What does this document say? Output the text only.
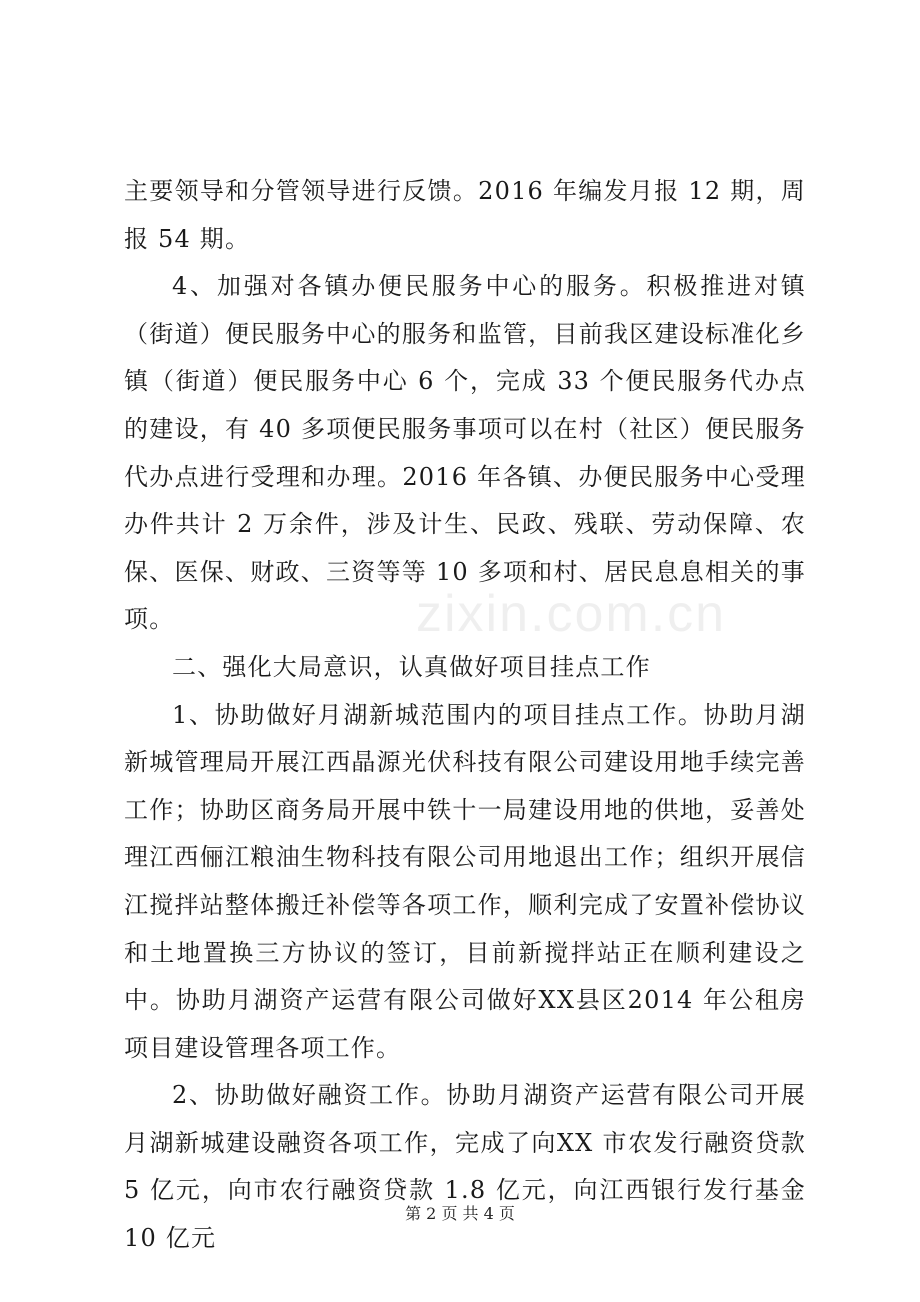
zixin.com.cn

主要领导和分管领导进行反馈。2016 年编发月报 12 期，周报 54 期。

4、加强对各镇办便民服务中心的服务。积极推进对镇（街道）便民服务中心的服务和监管，目前我区建设标准化乡镇（街道）便民服务中心 6 个，完成 33 个便民服务代办点的建设，有 40 多项便民服务事项可以在村（社区）便民服务代办点进行受理和办理。2016 年各镇、办便民服务中心受理办件共计 2 万余件，涉及计生、民政、残联、劳动保障、农保、医保、财政、三资等等 10 多项和村、居民息息相关的事项。

二、强化大局意识，认真做好项目挂点工作

1、协助做好月湖新城范围内的项目挂点工作。协助月湖新城管理局开展江西晶源光伏科技有限公司建设用地手续完善工作；协助区商务局开展中铁十一局建设用地的供地，妥善处理江西俪江粮油生物科技有限公司用地退出工作；组织开展信江搅拌站整体搬迁补偿等各项工作，顺利完成了安置补偿协议和土地置换三方协议的签订，目前新搅拌站正在顺利建设之中。协助月湖资产运营有限公司做好XX县区2014 年公租房项目建设管理各项工作。

2、协助做好融资工作。协助月湖资产运营有限公司开展月湖新城建设融资各项工作，完成了向XX 市农发行融资贷款 5 亿元，向市农行融资贷款 1.8 亿元，向江西银行发行基金 10 亿元

第 2 页 共 4 页
